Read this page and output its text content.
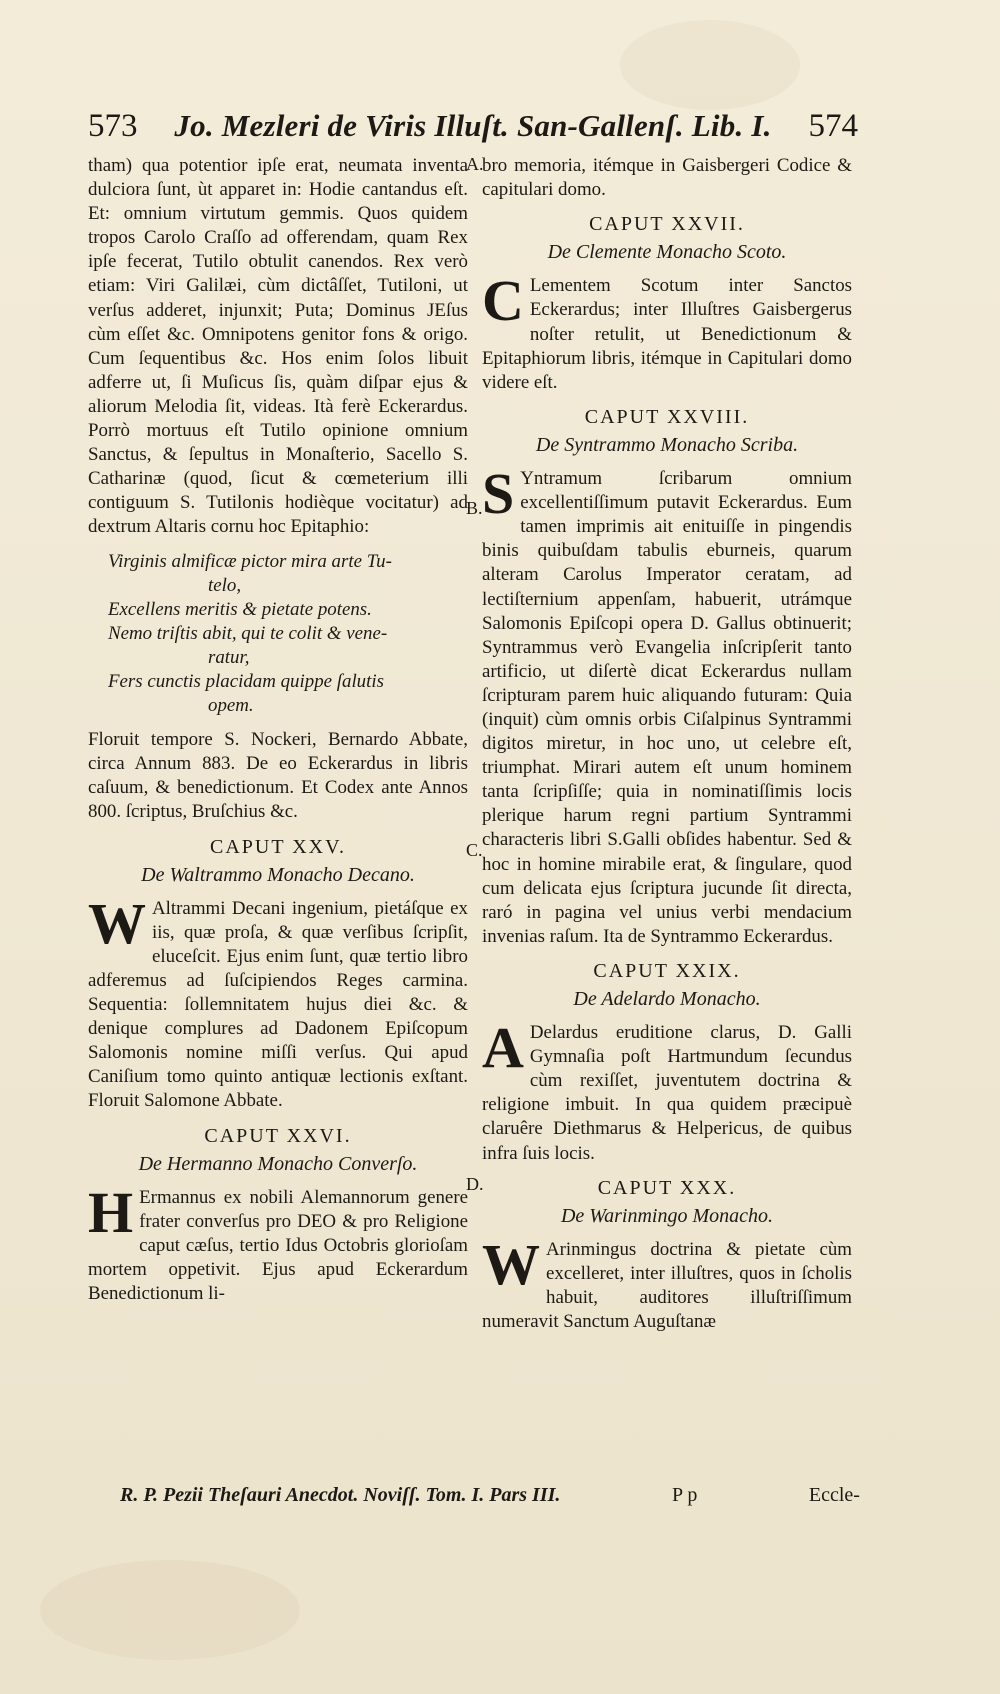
573 Jo. Mezleri de Viris Illuſt. San-Gallenſ. Lib. I. 574

tham) qua potentior ipſe erat, neumata inventa dulciora ſunt, ùt apparet in: Hodie cantandus eſt. Et: omnium virtutum gemmis. Quos quidem tropos Carolo Craſſo ad offerendam, quam Rex ipſe fecerat, Tutilo obtulit canendos. Rex verò etiam: Viri Galilæi, cùm dictâſſet, Tutiloni, ut verſus adderet, injunxit; Puta; Dominus JEſus cùm eſſet &c. Omnipotens genitor fons & origo. Cum ſequentibus &c. Hos enim ſolos libuit adferre ut, ſi Muſicus ſis, quàm diſpar ejus & aliorum Melodia ſit, videas. Ità ferè Eckerardus. Porrò mortuus eſt Tutilo opinione omnium Sanctus, & ſepultus in Monaſterio, Sacello S. Catharinæ (quod, ſicut & cœmeterium illi contiguum S. Tutilonis hodièque vocitatur) ad dextrum Altaris cornu hoc Epitaphio:

Virginis almificæ pictor mira arte Tu-
telo,
Excellens meritis & pietate potens.
Nemo triſtis abit, qui te colit & vene-
ratur,
Fers cunctis placidam quippe ſalutis
opem.

Floruit tempore S. Nockeri, Bernardo Abbate, circa Annum 883. De eo Eckerardus in libris caſuum, & benedictionum. Et Codex ante Annos 800. ſcriptus, Bruſchius &c.

CAPUT XXV.
De Waltrammo Monacho Decano.

W Altrammi Decani ingenium, pietáſque ex iis, quæ proſa, & quæ verſibus ſcripſit, eluceſcit. Ejus enim ſunt, quæ tertio libro adferemus ad ſuſcipiendos Reges carmina. Sequentia: ſollemnitatem hujus diei &c. & denique complures ad Dadonem Epiſcopum Salomonis nomine miſſi verſus. Qui apud Caniſium tomo quinto antiquæ lectionis exſtant. Floruit Salomone Abbate.

CAPUT XXVI.
De Hermanno Monacho Converſo.

H Ermannus ex nobili Alemannorum genere frater converſus pro DEO & pro Religione caput cæſus, tertio Idus Octobris glorioſam mortem oppetivit. Ejus apud Eckerardum Benedictionum li-

A.
B.
C.
D.

bro memoria, itémque in Gaisbergeri Codice & capitulari domo.

CAPUT XXVII.
De Clemente Monacho Scoto.

C Lementem Scotum inter Sanctos Eckerardus; inter Illuſtres Gaisbergerus noſter retulit, ut Benedictionum & Epitaphiorum libris, itémque in Capitulari domo videre eſt.

CAPUT XXVIII.
De Syntrammo Monacho Scriba.

S Yntramum ſcribarum omnium excellentiſſimum putavit Eckerardus. Eum tamen imprimis ait enituiſſe in pingendis binis quibuſdam tabulis eburneis, quarum alteram Carolus Imperator ceratam, ad lectiſternium appenſam, habuerit, utrámque Salomonis Epiſcopi opera D. Gallus obtinuerit; Syntrammus verò Evangelia inſcripſerit tanto artificio, ut diſertè dicat Eckerardus nullam ſcripturam parem huic aliquando futuram: Quia (inquit) cùm omnis orbis Ciſalpinus Syntrammi digitos miretur, in hoc uno, ut celebre eſt, triumphat. Mirari autem eſt unum hominem tanta ſcripſiſſe; quia in nominatiſſimis locis plerique harum regni partium Syntrammi characteris libri S.Galli obſides habentur. Sed & hoc in homine mirabile erat, & ſingulare, quod cum delicata ejus ſcriptura jucunde ſit directa, raró in pagina vel unius verbi mendacium invenias raſum. Ita de Syntrammo Eckerardus.

CAPUT XXIX.
De Adelardo Monacho.

A Delardus eruditione clarus, D. Galli Gymnaſia poſt Hartmundum ſecundus cùm rexiſſet, juventutem doctrina & religione imbuit. In qua quidem præcipuè claruêre Diethmarus & Helpericus, de quibus infra ſuis locis.

CAPUT XXX.
De Warinmingo Monacho.

W Arinmingus doctrina & pietate cùm excelleret, inter illuſtres, quos in ſcholis habuit, auditores illuſtriſſimum numeravit Sanctum Auguſtanæ

R. P. Pezii Theſauri Anecdot. Noviſſ. Tom. I. Pars III.	P p	Eccle-
